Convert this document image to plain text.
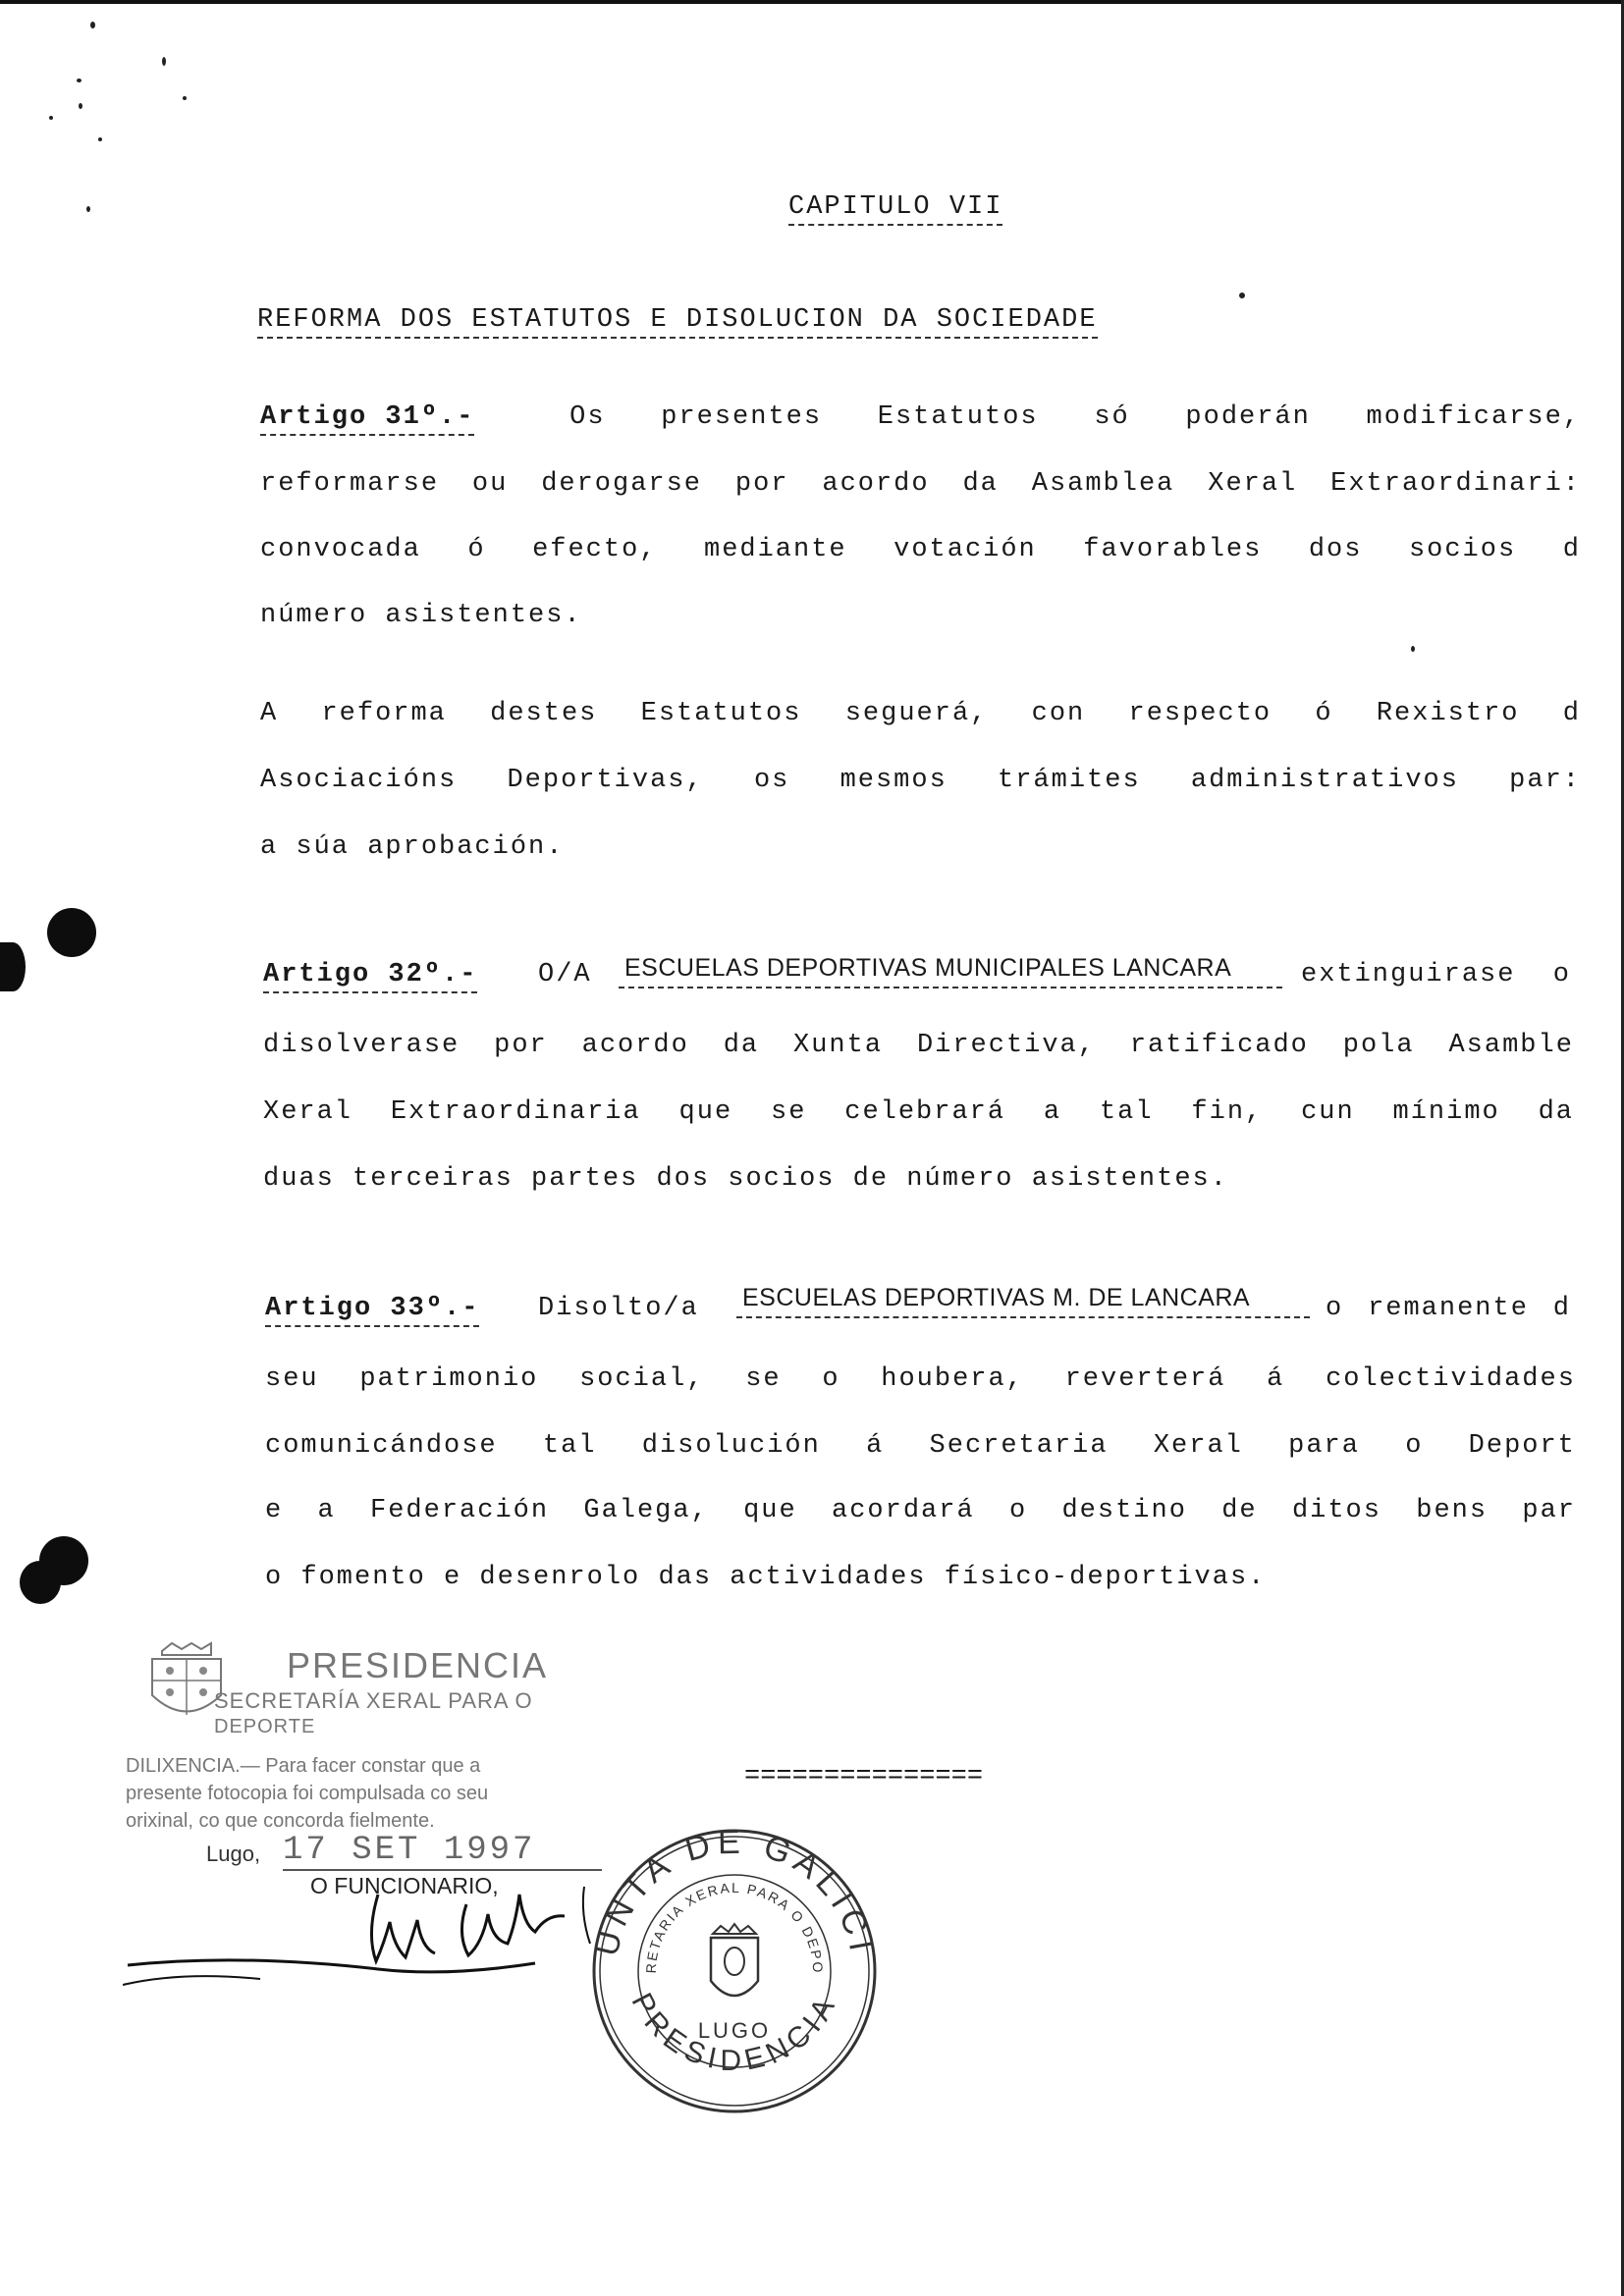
CAPITULO VII
REFORMA DOS ESTATUTOS E DISOLUCION DA SOCIEDADE
Artigo 31º.-	Os presentes Estatutos só poderán modificarse,
reformarse ou derogarse por acordo da Asamblea Xeral Extraordinari:
convocada ó efecto, mediante votación favorables dos socios d
número asistentes.
A reforma destes Estatutos seguerá, con respecto ó Rexistro d
Asociacións Deportivas, os mesmos trámites administrativos par:
a súa aprobación.
Artigo 32º.- O/A ESCUELAS DEPORTIVAS MUNICIPALES LANCARA	extinguirase o
disolverase por acordo da Xunta Directiva, ratificado pola Asamble
Xeral Extraordinaria que se celebrará a tal fin, cun mínimo da
duas terceiras partes dos socios de número asistentes.
Artigo 33º.- Disolto/a ESCUELAS DEPORTIVAS M. DE LANCARA	o remanente d
seu patrimonio social, se o houbera, reverterá á colectividades
comunicándose tal disolución á Secretaria Xeral para o Deport
e a Federación Galega, que acordará o destino de ditos bens par
o fomento e desenrolo das actividades físico-deportivas.
===============
PRESIDENCIA
SECRETARÍA XERAL PARA O
DEPORTE
DILIXENCIA.— Para facer constar que a
presente fotocopia foi compulsada co seu
orixinal, co que concorda fielmente.
Lugo, 17 SET 1997
O FUNCIONARIO,
UNTA DE GALICI
PRESIDENCIA
RETARIA XERAL PARA O DEPO
LUGO
